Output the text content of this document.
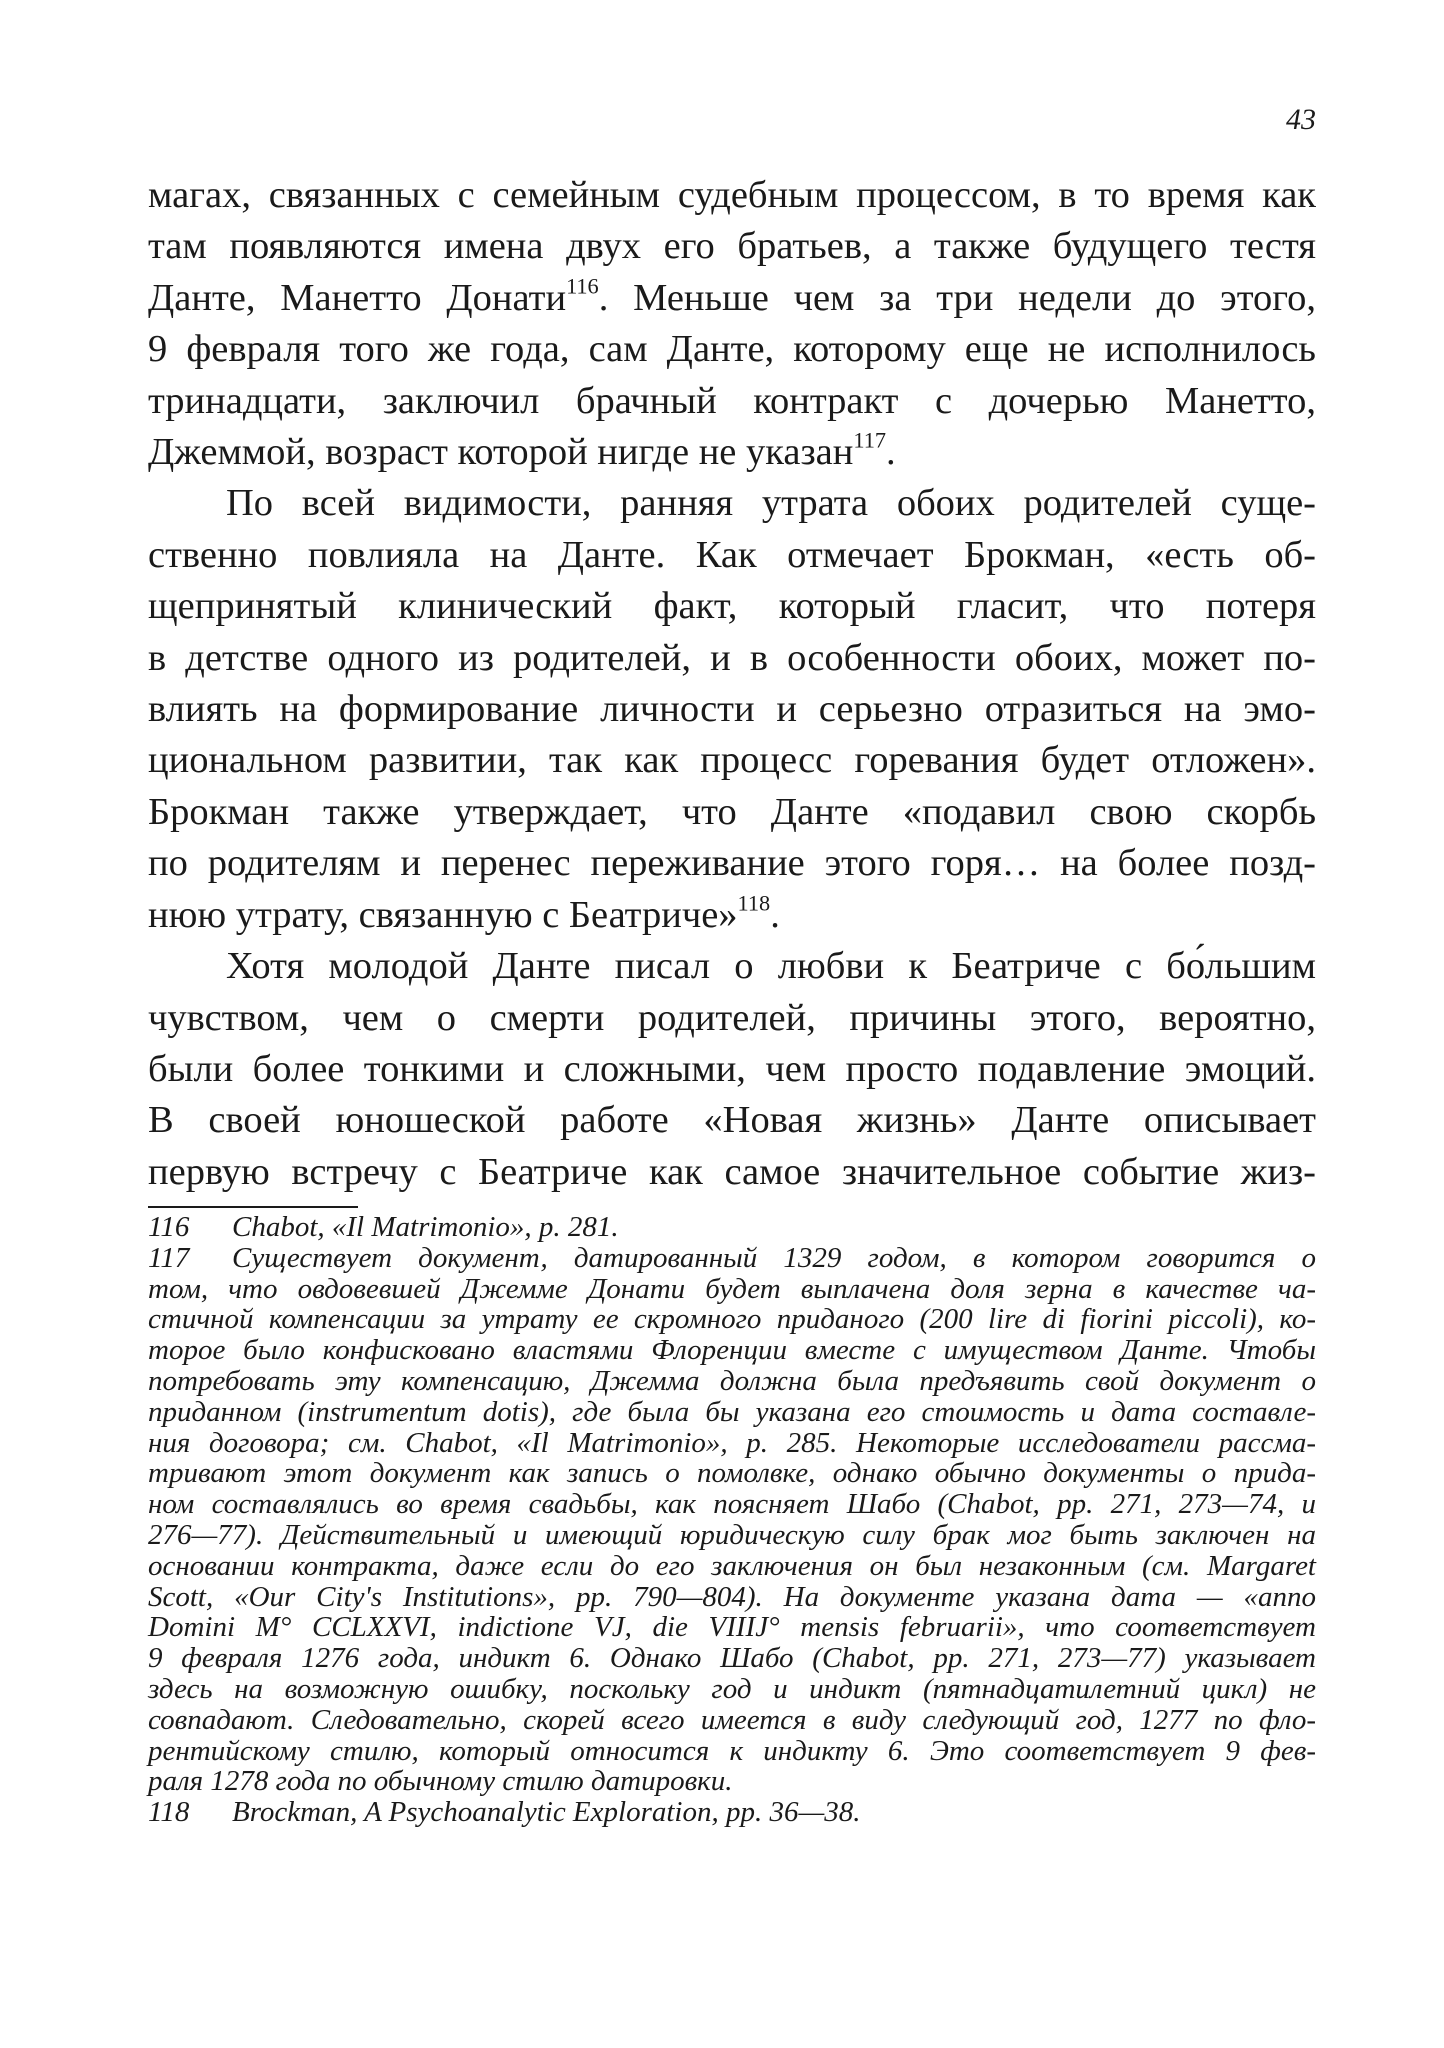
43

магах, связанных с семейным судебным процессом, в то время как
там появляются имена двух его братьев, а также будущего тестя
Данте, Манетто Донати$^{116}$. Меньше чем за три недели до этого,
9 февраля того же года, сам Данте, которому еще не исполнилось
тринадцати, заключил брачный контракт с дочерью Манетто,
Джеммой, возраст которой нигде не указан$^{117}$.

По всей видимости, ранняя утрата обоих родителей суще-
ственно повлияла на Данте. Как отмечает Брокман, «есть об-
щепринятый клинический факт, который гласит, что потеря
в детстве одного из родителей, и в особенности обоих, может по-
влиять на формирование личности и серьезно отразиться на эмо-
циональном развитии, так как процесс горевания будет отложен».
Брокман также утверждает, что Данте «подавил свою скорбь
по родителям и перенес переживание этого горя… на более позд-
нюю утрату, связанную с Беатриче»$^{118}$.

Хотя молодой Данте писал о любви к Беатриче с бо́льшим
чувством, чем о смерти родителей, причины этого, вероятно,
были более тонкими и сложными, чем просто подавление эмоций.
В своей юношеской работе «Новая жизнь» Данте описывает
первую встречу с Беатриче как самое значительное событие жиз-

116 Chabot, «Il Matrimonio», p. 281.
117 Существует документ, датированный 1329 годом, в котором говорится о
том, что овдовевшей Джемме Донати будет выплачена доля зерна в качестве ча-
стичной компенсации за утрату ее скромного приданого (200 lire di fiorini piccoli), ко-
торое было конфисковано властями Флоренции вместе с имуществом Данте. Чтобы
потребовать эту компенсацию, Джемма должна была предъявить свой документ о
приданном (instrumentum dotis), где была бы указана его стоимость и дата составле-
ния договора; см. Chabot, «Il Matrimonio», p. 285. Некоторые исследователи рассма-
тривают этот документ как запись о помолвке, однако обычно документы о прида-
ном составлялись во время свадьбы, как поясняет Шабо (Chabot, pp. 271, 273—74, и
276—77). Действительный и имеющий юридическую силу брак мог быть заключен на
основании контракта, даже если до его заключения он был незаконным (см. Margaret
Scott, «Our City's Institutions», pp. 790—804). На документе указана дата — «anno
Domini M° CCLXXVI, indictione VJ, die VIIIJ° mensis februarii», что соответствует
9 февраля 1276 года, индикт 6. Однако Шабо (Chabot, pp. 271, 273—77) указывает
здесь на возможную ошибку, поскольку год и индикт (пятнадцатилетний цикл) не
совпадают. Следовательно, скорей всего имеется в виду следующий год, 1277 по фло-
рентийскому стилю, который относится к индикту 6. Это соответствует 9 фев-
раля 1278 года по обычному стилю датировки.
118 Brockman, A Psychoanalytic Exploration, pp. 36—38.
